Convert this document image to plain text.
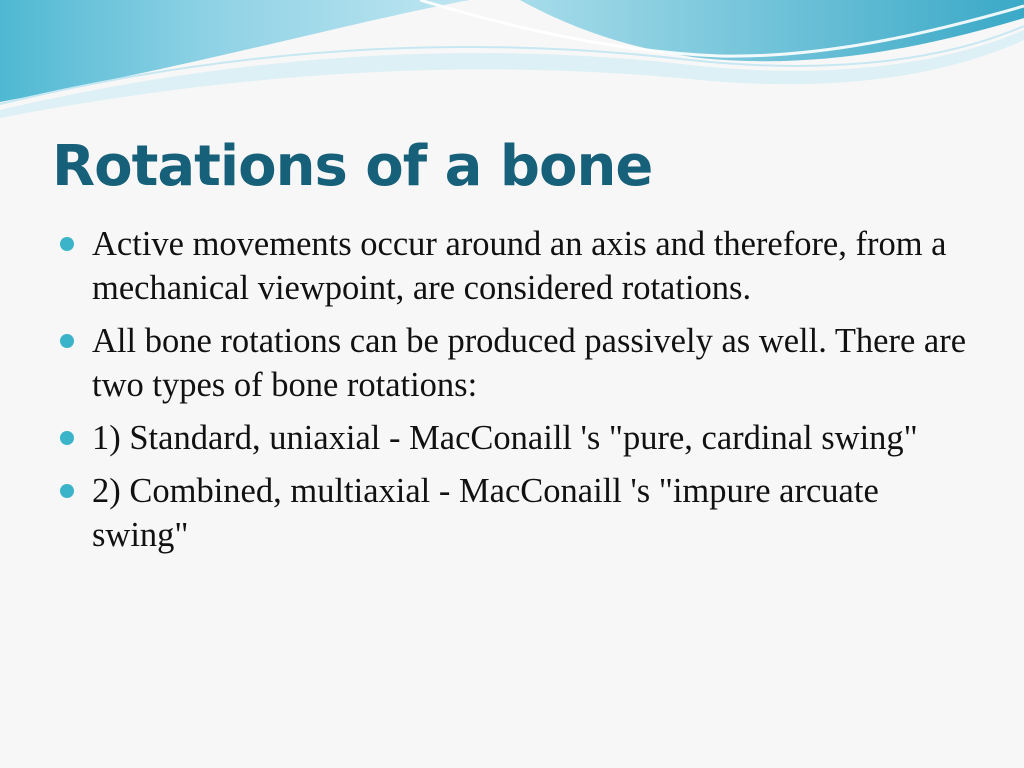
Rotations of a bone
Active movements occur around an axis and therefore, from a mechanical viewpoint, are considered rotations.
All bone rotations can be produced passively as well. There are two types of bone rotations:
1) Standard, uniaxial - MacConaill 's "pure, cardinal swing"
2) Combined, multiaxial - MacConaill 's "impure arcuate swing"
